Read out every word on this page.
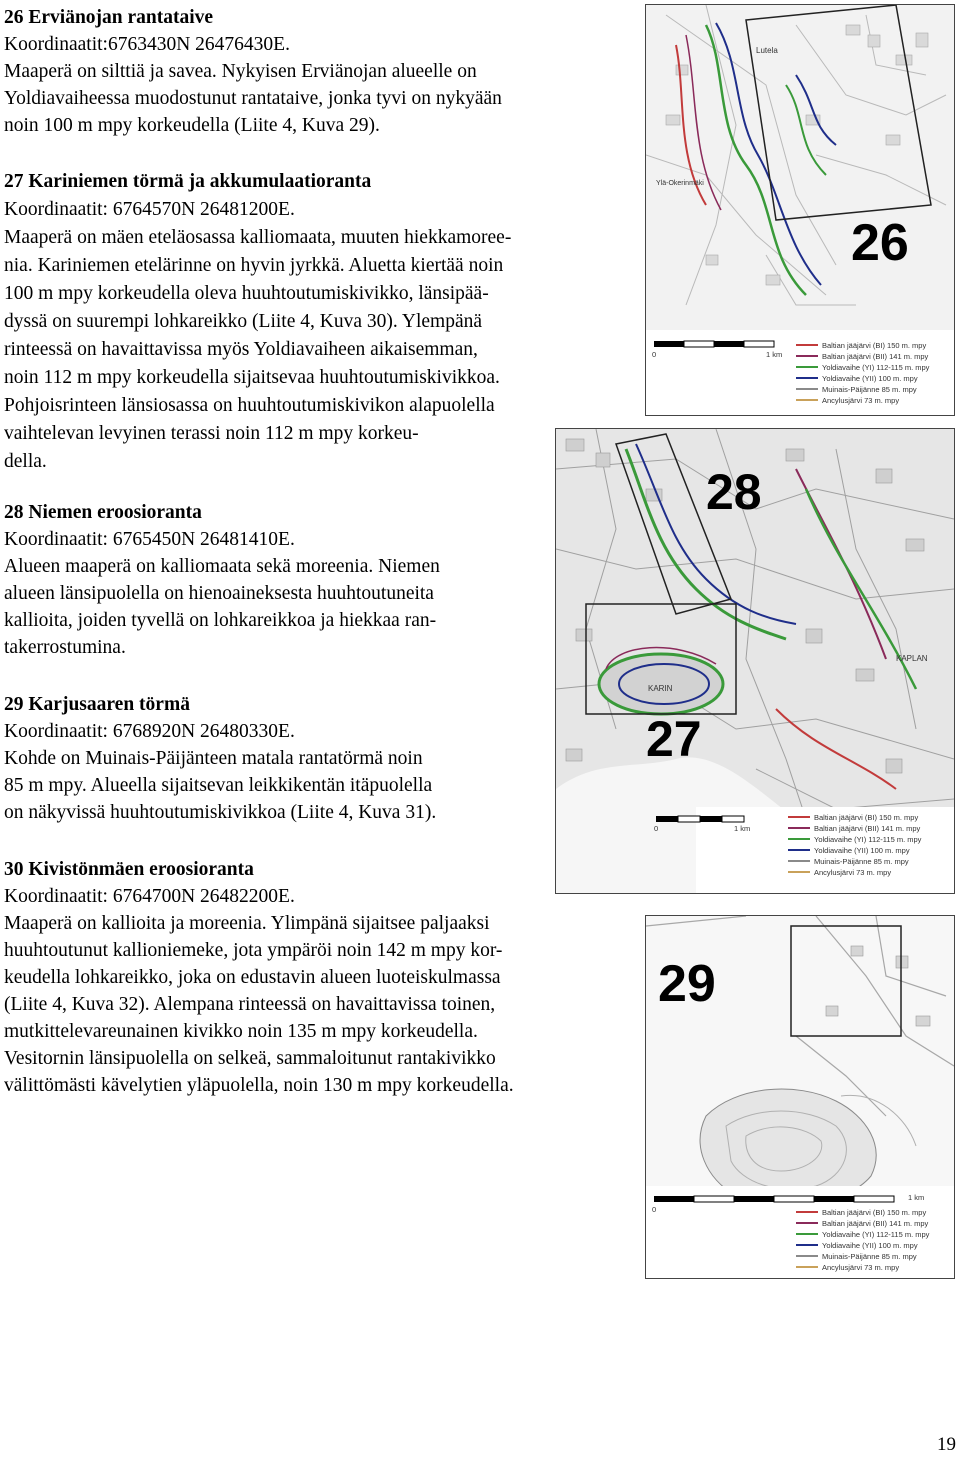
26 Erviänojan rantataive
Koordinaatit:6763430N 26476430E.
Maaperä on silttiä ja savea. Nykyisen Erviänojan alueelle on
Yoldiavaiheessa muodostunut rantataive, jonka tyvi on nykyään
noin 100 m mpy korkeudella (Liite 4, Kuva 29).
27 Kariniemen törmä ja akkumulaatioranta
Koordinaatit: 6764570N 26481200E.
Maaperä on mäen eteläosassa kalliomaata, muuten hiekkamoree-
nia. Kariniemen etelärinne on hyvin jyrkkä. Aluetta kiertää noin
100 m mpy korkeudella oleva huuhtoutumiskivikko, länsipää-
dyssä on suurempi lohkareikko (Liite 4, Kuva 30). Ylempänä
rinteessä on havaittavissa myös Yoldiavaiheen aikaisemman,
noin 112 m mpy korkeudella sijaitsevaa huuhtoutumiskivikkoa.
Pohjoisrinteen länsiosassa on huuhtoutumiskivikon alapuolella
vaihtelevan levyinen terassi noin 112 m mpy korkeu-
della.
28 Niemen eroosioranta
Koordinaatit: 6765450N 26481410E.
Alueen maaperä on kalliomaata sekä moreenia. Niemen
alueen länsipuolella on hienoaineksesta huuhtoutuneita
kallioita, joiden tyvellä on lohkareikkoa ja hiekkaa ran-
takerrostumina.
29 Karjusaaren törmä
Koordinaatit: 6768920N 26480330E.
Kohde on Muinais-Päijänteen matala rantatörmä noin
85 m mpy. Alueella sijaitsevan leikkikentän itäpuolella
on näkyvissä huuhtoutumiskivikkoa (Liite 4, Kuva 31).
30 Kivistönmäen eroosioranta
Koordinaatit: 6764700N 26482200E.
Maaperä on kallioita ja moreenia. Ylimpänä sijaitsee paljaaksi
huuhtoutunut kallioniemeke, jota ympäröi noin 142 m mpy kor-
keudella lohkareikko, joka on edustavin alueen luoteiskulmassa
(Liite 4, Kuva 32). Alempana rinteessä on havaittavissa toinen,
mutkittelevareunainen kivikko noin 135 m mpy korkeudella.
Vesitornin länsipuolella on selkeä, sammaloitunut rantakivikko
välittömästi kävelytien yläpuolella, noin 130 m mpy korkeudella.
Lutela
Ylä-Okerinmäki
26
0	1 km
Baltian jääjärvi (BI) 150 m. mpy
Baltian jääjärvi (BII) 141 m. mpy
Yoldiavaihe (YI) 112-115 m. mpy
Yoldiavaihe (YII) 100 m. mpy
Muinais-Päijänne 85 m. mpy
Ancylusjärvi 73 m. mpy
KARIN
KAPLAN
28
27
0	1 km
Baltian jääjärvi (BI) 150 m. mpy
Baltian jääjärvi (BII) 141 m. mpy
Yoldiavaihe (YI) 112-115 m. mpy
Yoldiavaihe (YII) 100 m. mpy
Muinais-Päijänne 85 m. mpy
Ancylusjärvi 73 m. mpy
29
0
1 km
Baltian jääjärvi (BI) 150 m. mpy
Baltian jääjärvi (BII) 141 m. mpy
Yoldiavaihe (YI) 112-115 m. mpy
Yoldiavaihe (YII) 100 m. mpy
Muinais-Päijänne 85 m. mpy
Ancylusjärvi 73 m. mpy
19
